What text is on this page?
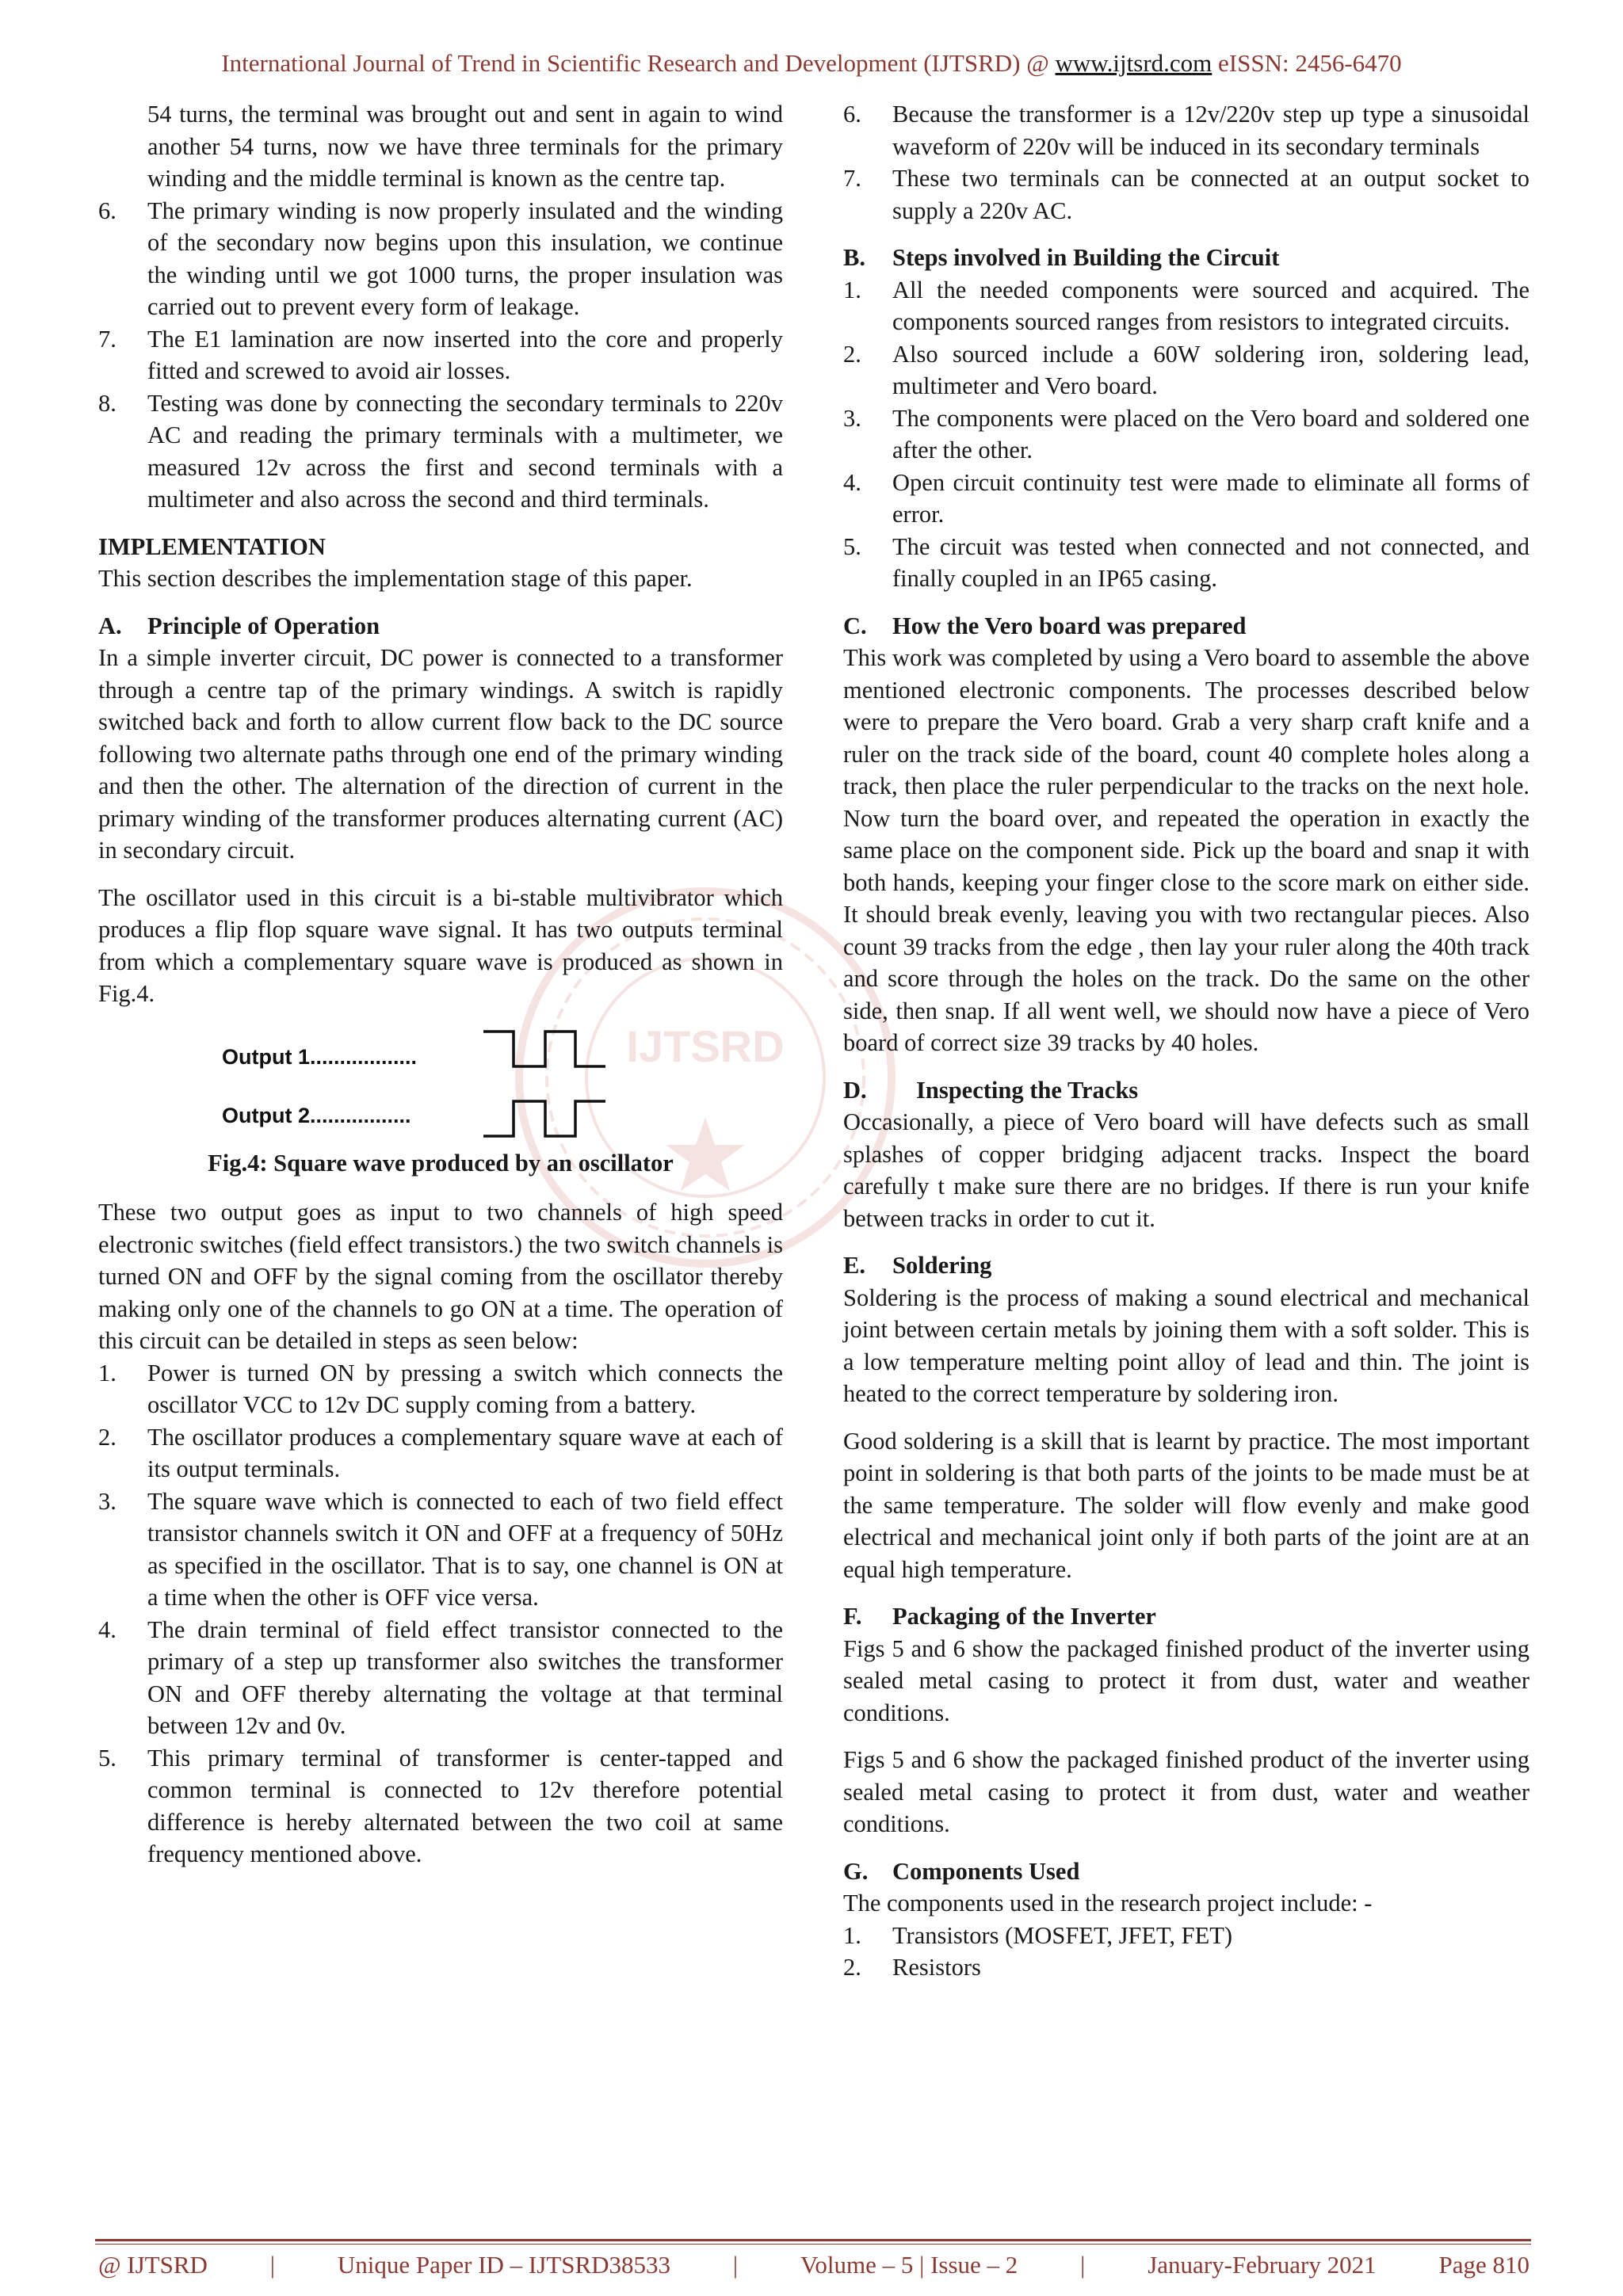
International Journal of Trend in Scientific Research and Development (IJTSRD) @ www.ijtsrd.com eISSN: 2456-6470
IJTSRD

54 turns, the terminal was brought out and sent in again to wind another 54 turns, now we have three terminals for the primary winding and the middle terminal is known as the centre tap.

6. The primary winding is now properly insulated and the winding of the secondary now begins upon this insulation, we continue the winding until we got 1000 turns, the proper insulation was carried out to prevent every form of leakage.
7. The E1 lamination are now inserted into the core and properly fitted and screwed to avoid air losses.
8. Testing was done by connecting the secondary terminals to 220v AC and reading the primary terminals with a multimeter, we measured 12v across the first and second terminals with a multimeter and also across the second and third terminals.
IMPLEMENTATION

This section describes the implementation stage of this paper.

A. Principle of Operation

In a simple inverter circuit, DC power is connected to a transformer through a centre tap of the primary windings. A switch is rapidly switched back and forth to allow current flow back to the DC source following two alternate paths through one end of the primary winding and then the other. The alternation of the direction of current in the primary winding of the transformer produces alternating current (AC) in secondary circuit.

The oscillator used in this circuit is a bi-stable multivibrator which produces a flip flop square wave signal. It has two outputs terminal from which a complementary square wave is produced as shown in Fig.4.

Output 1..................
Output 2.................
Fig.4: Square wave produced by an oscillator

These two output goes as input to two channels of high speed electronic switches (field effect transistors.) the two switch channels is turned ON and OFF by the signal coming from the oscillator thereby making only one of the channels to go ON at a time. The operation of this circuit can be detailed in steps as seen below:

1. Power is turned ON by pressing a switch which connects the oscillator VCC to 12v DC supply coming from a battery.
2. The oscillator produces a complementary square wave at each of its output terminals.
3. The square wave which is connected to each of two field effect transistor channels switch it ON and OFF at a frequency of 50Hz as specified in the oscillator. That is to say, one channel is ON at a time when the other is OFF vice versa.
4. The drain terminal of field effect transistor connected to the primary of a step up transformer also switches the transformer ON and OFF thereby alternating the voltage at that terminal between 12v and 0v.
5. This primary terminal of transformer is center-tapped and common terminal is connected to 12v therefore potential difference is hereby alternated between the two coil at same frequency mentioned above.
6. Because the transformer is a 12v/220v step up type a sinusoidal waveform of 220v will be induced in its secondary terminals
7. These two terminals can be connected at an output socket to supply a 220v AC.
B. Steps involved in Building the Circuit
1. All the needed components were sourced and acquired. The components sourced ranges from resistors to integrated circuits.
2. Also sourced include a 60W soldering iron, soldering lead, multimeter and Vero board.
3. The components were placed on the Vero board and soldered one after the other.
4. Open circuit continuity test were made to eliminate all forms of error.
5. The circuit was tested when connected and not connected, and finally coupled in an IP65 casing.
C. How the Vero board was prepared

This work was completed by using a Vero board to assemble the above mentioned electronic components. The processes described below were to prepare the Vero board. Grab a very sharp craft knife and a ruler on the track side of the board, count 40 complete holes along a track, then place the ruler perpendicular to the tracks on the next hole. Now turn the board over, and repeated the operation in exactly the same place on the component side. Pick up the board and snap it with both hands, keeping your finger close to the score mark on either side. It should break evenly, leaving you with two rectangular pieces. Also count 39 tracks from the edge , then lay your ruler along the 40th track and score through the holes on the track. Do the same on the other side, then snap. If all went well, we should now have a piece of Vero board of correct size 39 tracks by 40 holes.

D. Inspecting the Tracks

Occasionally, a piece of Vero board will have defects such as small splashes of copper bridging adjacent tracks. Inspect the board carefully t make sure there are no bridges. If there is run your knife between tracks in order to cut it.

E. Soldering

Soldering is the process of making a sound electrical and mechanical joint between certain metals by joining them with a soft solder. This is a low temperature melting point alloy of lead and thin. The joint is heated to the correct temperature by soldering iron.

Good soldering is a skill that is learnt by practice. The most important point in soldering is that both parts of the joints to be made must be at the same temperature. The solder will flow evenly and make good electrical and mechanical joint only if both parts of the joint are at an equal high temperature.

F. Packaging of the Inverter

Figs 5 and 6 show the packaged finished product of the inverter using sealed metal casing to protect it from dust, water and weather conditions.

Figs 5 and 6 show the packaged finished product of the inverter using sealed metal casing to protect it from dust, water and weather conditions.

G. Components Used

The components used in the research project include: -

1. Transistors (MOSFET, JFET, FET)
2. Resistors
@ IJTSRD	|	Unique Paper ID – IJTSRD38533	|	Volume – 5 | Issue – 2	|	January-February 2021	Page 810
